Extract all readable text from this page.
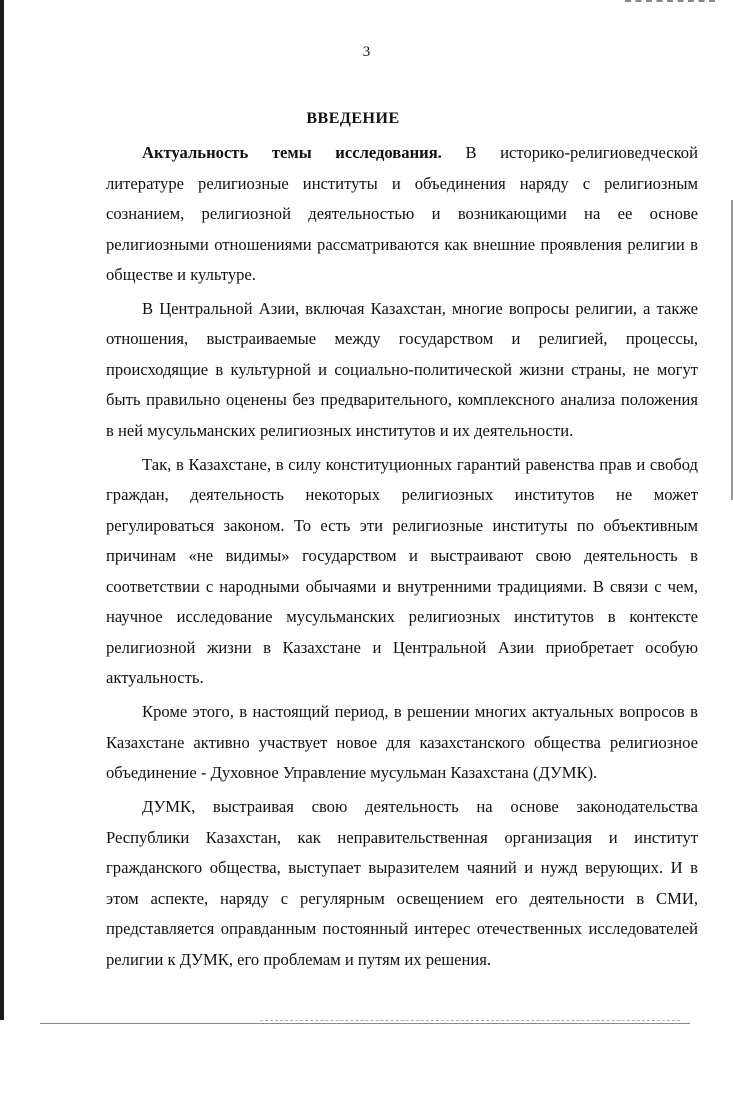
3
ВВЕДЕНИЕ

Актуальность темы исследования. В историко-религиоведческой литературе религиозные институты и объединения наряду с религиозным сознанием, религиозной деятельностью и возникающими на ее основе религиозными отношениями рассматриваются как внешние проявления религии в обществе и культуре.

В Центральной Азии, включая Казахстан, многие вопросы религии, а также отношения, выстраиваемые между государством и религией, процессы, происходящие в культурной и социально-политической жизни страны, не могут быть правильно оценены без предварительного, комплексного анализа положения в ней мусульманских религиозных институтов и их деятельности.

Так, в Казахстане, в силу конституционных гарантий равенства прав и свобод граждан, деятельность некоторых религиозных институтов не может регулироваться законом. То есть эти религиозные институты по объективным причинам «не видимы» государством и выстраивают свою деятельность в соответствии с народными обычаями и внутренними традициями. В связи с чем, научное исследование мусульманских религиозных институтов в контексте религиозной жизни в Казахстане и Центральной Азии приобретает особую актуальность.

Кроме этого, в настоящий период, в решении многих актуальных вопросов в Казахстане активно участвует новое для казахстанского общества религиозное объединение - Духовное Управление мусульман Казахстана (ДУМК).

ДУМК, выстраивая свою деятельность на основе законодательства Республики Казахстан, как неправительственная организация и институт гражданского общества, выступает выразителем чаяний и нужд верующих. И в этом аспекте, наряду с регулярным освещением его деятельности в СМИ, представляется оправданным постоянный интерес отечественных исследователей религии к ДУМК, его проблемам и путям их решения.
